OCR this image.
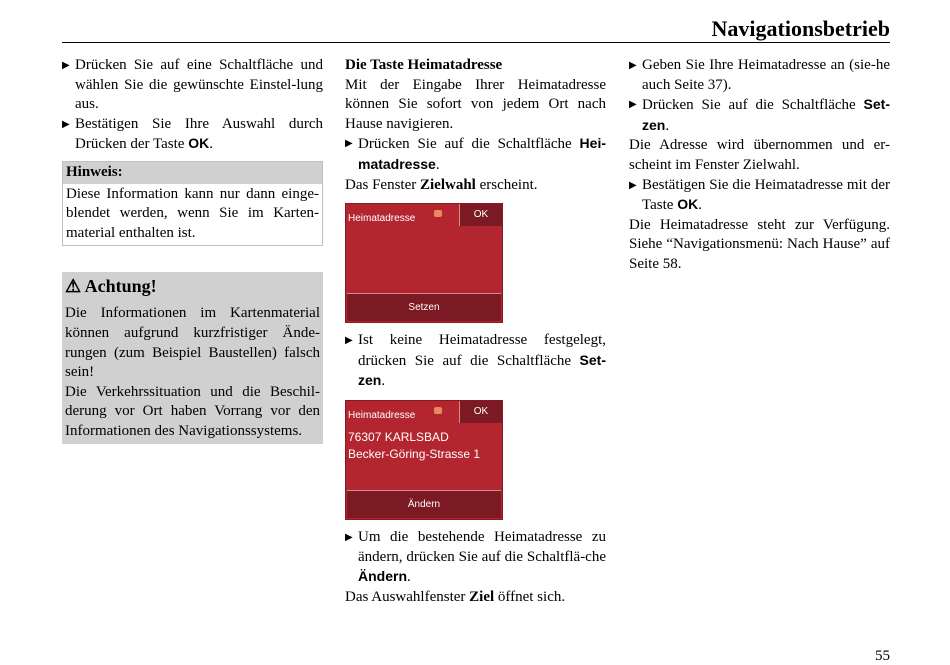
Navigationsbetrieb
▶ Drücken Sie auf eine Schaltfläche und wählen Sie die gewünschte Einstel-lung aus.
▶ Bestätigen Sie Ihre Auswahl durch Drücken der Taste OK.
Hinweis:
Diese Information kann nur dann einge-blendet werden, wenn Sie im Karten-material enthalten ist.
⚠ Achtung!
Die Informationen im Kartenmaterial können aufgrund kurzfristiger Ände-rungen (zum Beispiel Baustellen) falsch sein!
Die Verkehrssituation und die Beschil-derung vor Ort haben Vorrang vor den Informationen des Navigationssystems.
Die Taste Heimatadresse
Mit der Eingabe Ihrer Heimatadresse können Sie sofort von jedem Ort nach Hause navigieren.
▶ Drücken Sie auf die Schaltfläche Hei-matadresse.
Das Fenster Zielwahl erscheint.
Heimatadresse	OK
Setzen
▶ Ist keine Heimatadresse festgelegt, drücken Sie auf die Schaltfläche Set-zen.
Heimatadresse	OK
76307 KARLSBAD
Becker-Göring-Strasse 1
Ändern
▶ Um die bestehende Heimatadresse zu ändern, drücken Sie auf die Schaltflä-che Ändern.
Das Auswahlfenster Ziel öffnet sich.
▶ Geben Sie Ihre Heimatadresse an (sie-he auch Seite 37).
▶ Drücken Sie auf die Schaltfläche Set-zen.
Die Adresse wird übernommen und er-scheint im Fenster Zielwahl.
▶ Bestätigen Sie die Heimatadresse mit der Taste OK.
Die Heimatadresse steht zur Verfügung. Siehe “Navigationsmenü: Nach Hause” auf Seite 58.
55
